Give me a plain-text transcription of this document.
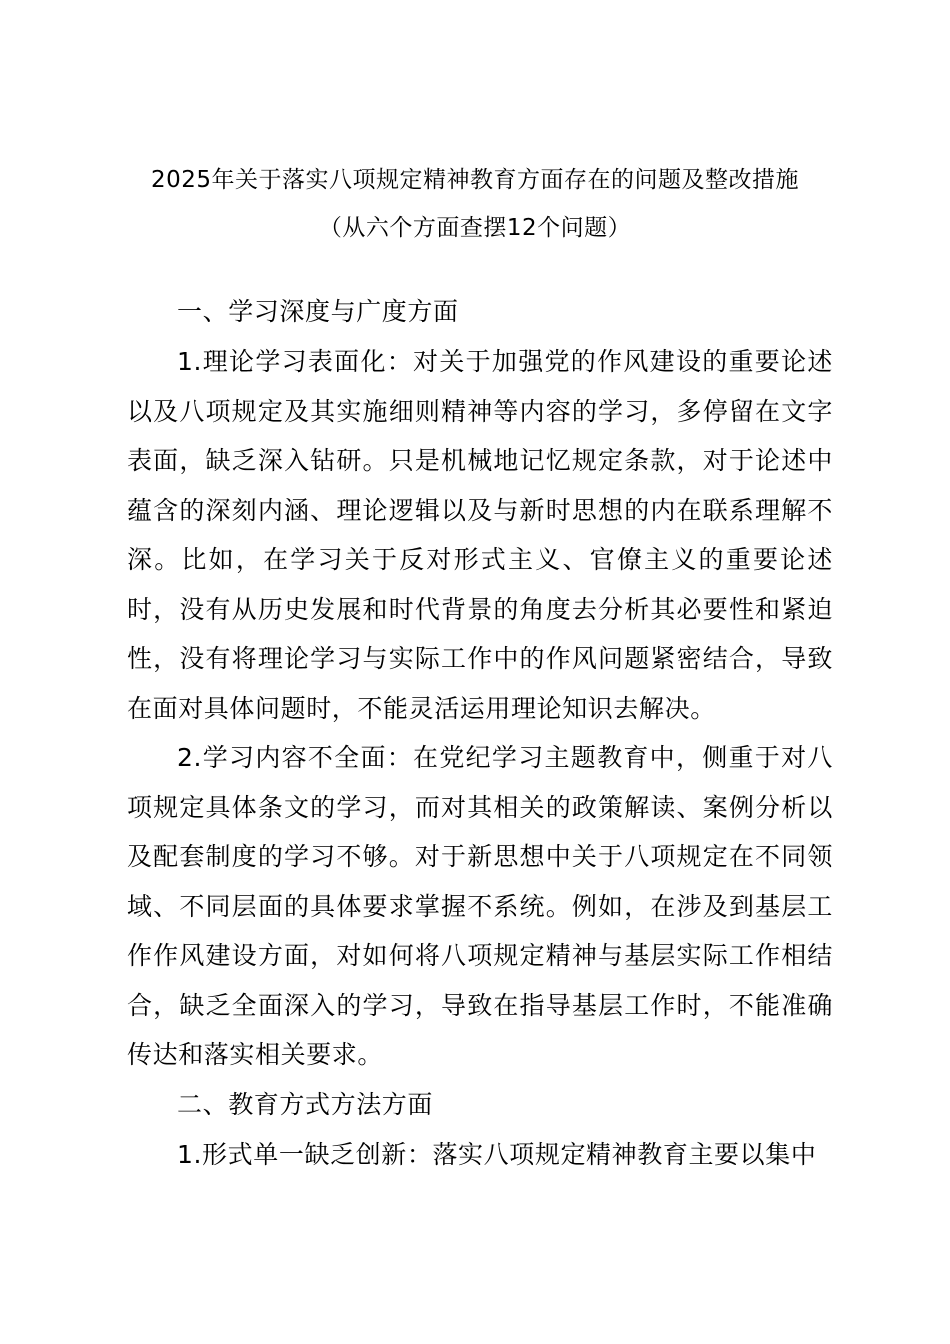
2025年关于落实八项规定精神教育方面存在的问题及整改措施
（从六个方面查摆12个问题）

一、学习深度与广度方面

1.理论学习表面化：对关于加强党的作风建设的重要论述以及八项规定及其实施细则精神等内容的学习，多停留在文字表面，缺乏深入钻研。只是机械地记忆规定条款，对于论述中蕴含的深刻内涵、理论逻辑以及与新时思想的内在联系理解不深。比如，在学习关于反对形式主义、官僚主义的重要论述时，没有从历史发展和时代背景的角度去分析其必要性和紧迫性，没有将理论学习与实际工作中的作风问题紧密结合，导致在面对具体问题时，不能灵活运用理论知识去解决。

2.学习内容不全面：在党纪学习主题教育中，侧重于对八项规定具体条文的学习，而对其相关的政策解读、案例分析以及配套制度的学习不够。对于新思想中关于八项规定在不同领域、不同层面的具体要求掌握不系统。例如，在涉及到基层工作作风建设方面，对如何将八项规定精神与基层实际工作相结合，缺乏全面深入的学习，导致在指导基层工作时，不能准确传达和落实相关要求。

二、教育方式方法方面

1.形式单一缺乏创新：落实八项规定精神教育主要以集中
